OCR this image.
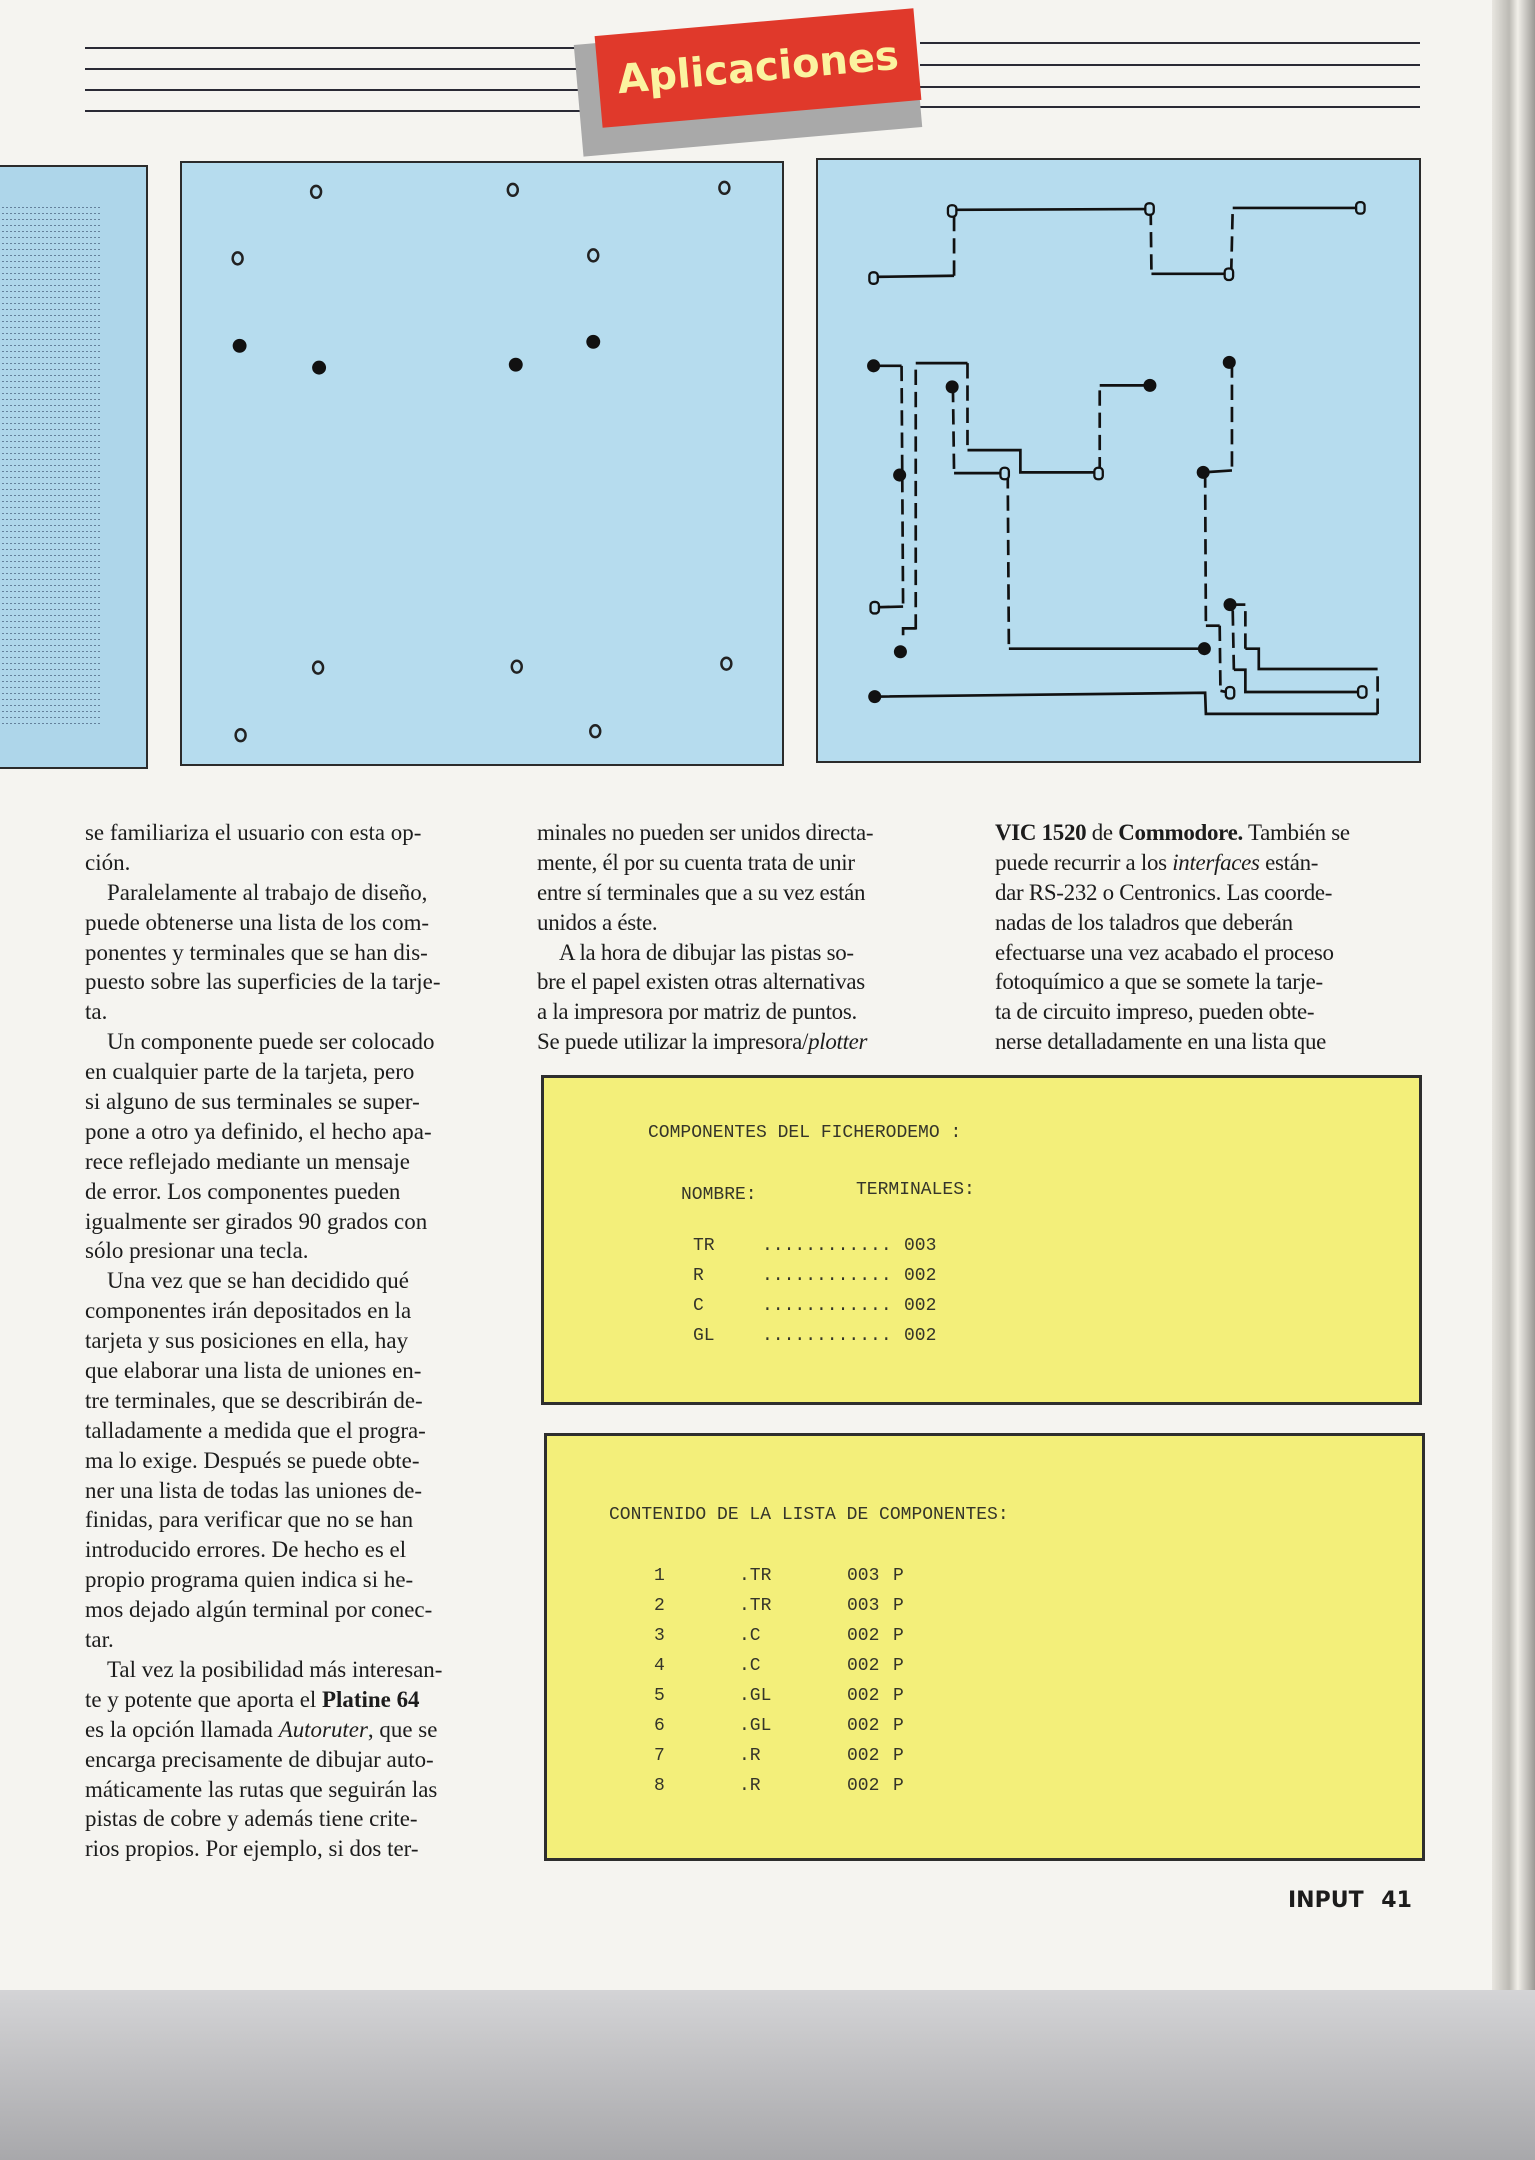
Aplicaciones
se familiariza el usuario con esta op-
ción.
Paralelamente al trabajo de diseño,
puede obtenerse una lista de los com-
ponentes y terminales que se han dis-
puesto sobre las superficies de la tarje-
ta.
Un componente puede ser colocado
en cualquier parte de la tarjeta, pero
si alguno de sus terminales se super-
pone a otro ya definido, el hecho apa-
rece reflejado mediante un mensaje
de error. Los componentes pueden
igualmente ser girados 90 grados con
sólo presionar una tecla.
Una vez que se han decidido qué
componentes irán depositados en la
tarjeta y sus posiciones en ella, hay
que elaborar una lista de uniones en-
tre terminales, que se describirán de-
talladamente a medida que el progra-
ma lo exige. Después se puede obte-
ner una lista de todas las uniones de-
finidas, para verificar que no se han
introducido errores. De hecho es el
propio programa quien indica si he-
mos dejado algún terminal por conec-
tar.
Tal vez la posibilidad más interesan-
te y potente que aporta el Platine 64
es la opción llamada Autoruter, que se
encarga precisamente de dibujar auto-
máticamente las rutas que seguirán las
pistas de cobre y además tiene crite-
rios propios. Por ejemplo, si dos ter-
minales no pueden ser unidos directa-
mente, él por su cuenta trata de unir
entre sí terminales que a su vez están
unidos a éste.
A la hora de dibujar las pistas so-
bre el papel existen otras alternativas
a la impresora por matriz de puntos.
Se puede utilizar la impresora/plotter
VIC 1520 de Commodore. También se
puede recurrir a los interfaces están-
dar RS-232 o Centronics. Las coorde-
nadas de los taladros que deberán
efectuarse una vez acabado el proceso
fotoquímico a que se somete la tarje-
ta de circuito impreso, pueden obte-
nerse detalladamente en una lista que
COMPONENTES DEL FICHERODEMO :
NOMBRE:	TERMINALES:
TR	............ 003
R	............ 002
C	............ 002
GL	............ 002
CONTENIDO DE LA LISTA DE COMPONENTES:
1	.TR	003 P
2	.TR	003 P
3	.C	002 P
4	.C	002 P
5	.GL	002 P
6	.GL	002 P
7	.R	002 P
8	.R	002 P
INPUT 41
